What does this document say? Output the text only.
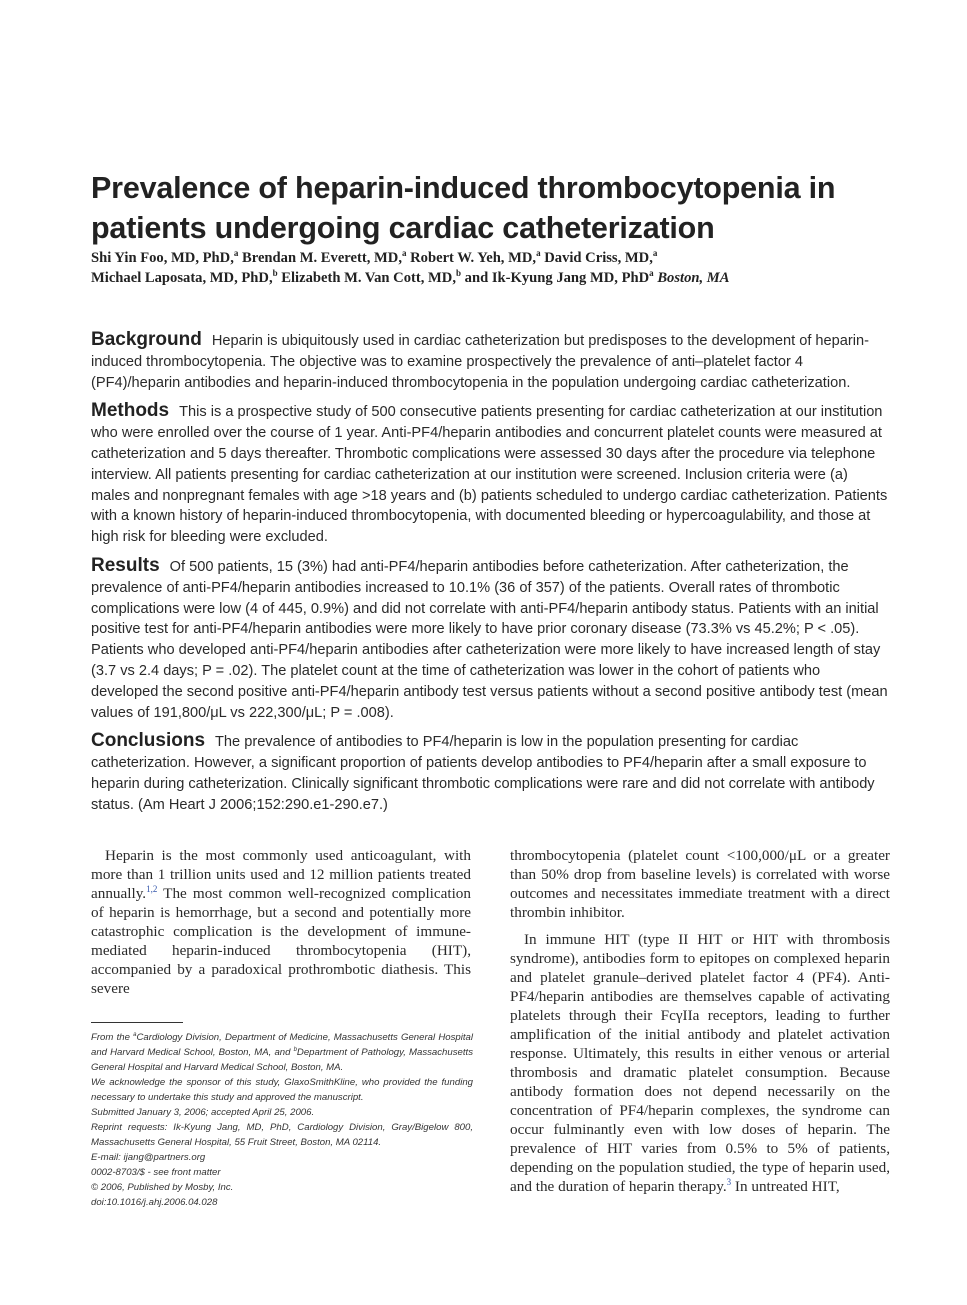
Prevalence of heparin-induced thrombocytopenia in patients undergoing cardiac catheterization
Shi Yin Foo, MD, PhD,$^a$ Brendan M. Everett, MD,$^a$ Robert W. Yeh, MD,$^a$ David Criss, MD,$^a$
Michael Laposata, MD, PhD,$^b$ Elizabeth M. Van Cott, MD,$^b$ and Ik-Kyung Jang MD, PhD$^a$ Boston, MA

Background Heparin is ubiquitously used in cardiac catheterization but predisposes to the development of heparin-induced thrombocytopenia. The objective was to examine prospectively the prevalence of anti–platelet factor 4 (PF4)/heparin antibodies and heparin-induced thrombocytopenia in the population undergoing cardiac catheterization.

Methods This is a prospective study of 500 consecutive patients presenting for cardiac catheterization at our institution who were enrolled over the course of 1 year. Anti-PF4/heparin antibodies and concurrent platelet counts were measured at catheterization and 5 days thereafter. Thrombotic complications were assessed 30 days after the procedure via telephone interview. All patients presenting for cardiac catheterization at our institution were screened. Inclusion criteria were (a) males and nonpregnant females with age >18 years and (b) patients scheduled to undergo cardiac catheterization. Patients with a known history of heparin-induced thrombocytopenia, with documented bleeding or hypercoagulability, and those at high risk for bleeding were excluded.

Results Of 500 patients, 15 (3%) had anti-PF4/heparin antibodies before catheterization. After catheterization, the prevalence of anti-PF4/heparin antibodies increased to 10.1% (36 of 357) of the patients. Overall rates of thrombotic complications were low (4 of 445, 0.9%) and did not correlate with anti-PF4/heparin antibody status. Patients with an initial positive test for anti-PF4/heparin antibodies were more likely to have prior coronary disease (73.3% vs 45.2%; P < .05). Patients who developed anti-PF4/heparin antibodies after catheterization were more likely to have increased length of stay (3.7 vs 2.4 days; P = .02). The platelet count at the time of catheterization was lower in the cohort of patients who developed the second positive anti-PF4/heparin antibody test versus patients without a second positive antibody test (mean values of 191,800/μL vs 222,300/μL; P = .008).

Conclusions The prevalence of antibodies to PF4/heparin is low in the population presenting for cardiac catheterization. However, a significant proportion of patients develop antibodies to PF4/heparin after a small exposure to heparin during catheterization. Clinically significant thrombotic complications were rare and did not correlate with antibody status. (Am Heart J 2006;152:290.e1-290.e7.)

Heparin is the most commonly used anticoagulant, with more than 1 trillion units used and 12 million patients treated annually.$^{1,2}$ The most common well-recognized complication of heparin is hemorrhage, but a second and potentially more catastrophic complication is the development of immune-mediated heparin-induced thrombocytopenia (HIT), accompanied by a paradoxical prothrombotic diathesis. This severe

thrombocytopenia (platelet count <100,000/μL or a greater than 50% drop from baseline levels) is correlated with worse outcomes and necessitates immediate treatment with a direct thrombin inhibitor.

In immune HIT (type II HIT or HIT with thrombosis syndrome), antibodies form to epitopes on complexed heparin and platelet granule–derived platelet factor 4 (PF4). Anti-PF4/heparin antibodies are themselves capable of activating platelets through their FcγIIa receptors, leading to further amplification of the initial antibody and platelet activation response. Ultimately, this results in either venous or arterial thrombosis and dramatic platelet consumption. Because antibody formation does not depend necessarily on the concentration of PF4/heparin complexes, the syndrome can occur fulminantly even with low doses of heparin. The prevalence of HIT varies from 0.5% to 5% of patients, depending on the population studied, the type of heparin used, and the duration of heparin therapy.$^3$ In untreated HIT,

From the $^a$Cardiology Division, Department of Medicine, Massachusetts General Hospital and Harvard Medical School, Boston, MA, and $^b$Department of Pathology, Massachusetts General Hospital and Harvard Medical School, Boston, MA.
We acknowledge the sponsor of this study, GlaxoSmithKline, who provided the funding necessary to undertake this study and approved the manuscript.
Submitted January 3, 2006; accepted April 25, 2006.
Reprint requests: Ik-Kyung Jang, MD, PhD, Cardiology Division, Gray/Bigelow 800, Massachusetts General Hospital, 55 Fruit Street, Boston, MA 02114.
E-mail: ijang@partners.org
0002-8703/$ - see front matter
© 2006, Published by Mosby, Inc.
doi:10.1016/j.ahj.2006.04.028
